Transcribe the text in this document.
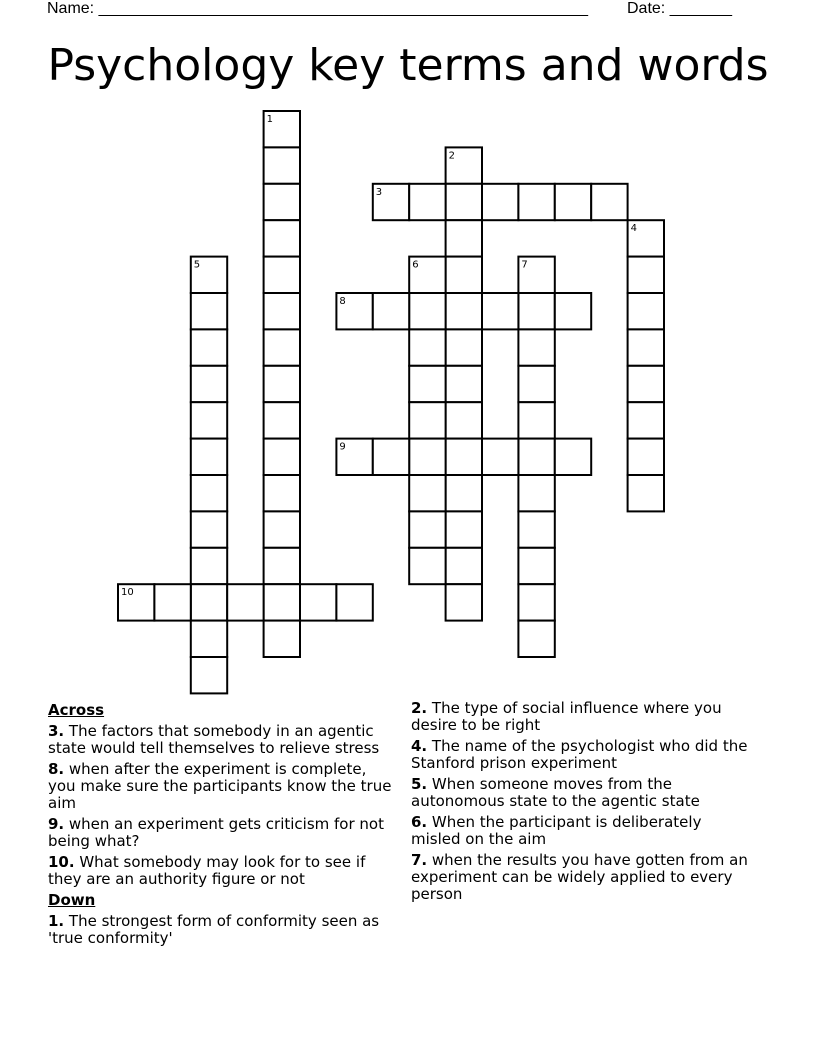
Name: _______________________________________________________ Date: _______
Psychology key terms and words
1
2
3
4
5	6	7
8
9
10
Across
3. The factors that somebody in an agentic state would tell themselves to relieve stress
8. when after the experiment is complete, you make sure the participants know the true aim
9. when an experiment gets criticism for not being what?
10. What somebody may look for to see if they are an authority figure or not
Down
1. The strongest form of conformity seen as 'true conformity'
2. The type of social influence where you desire to be right
4. The name of the psychologist who did the Stanford prison experiment
5. When someone moves from the autonomous state to the agentic state
6. When the participant is deliberately misled on the aim
7. when the results you have gotten from an experiment can be widely applied to every person
